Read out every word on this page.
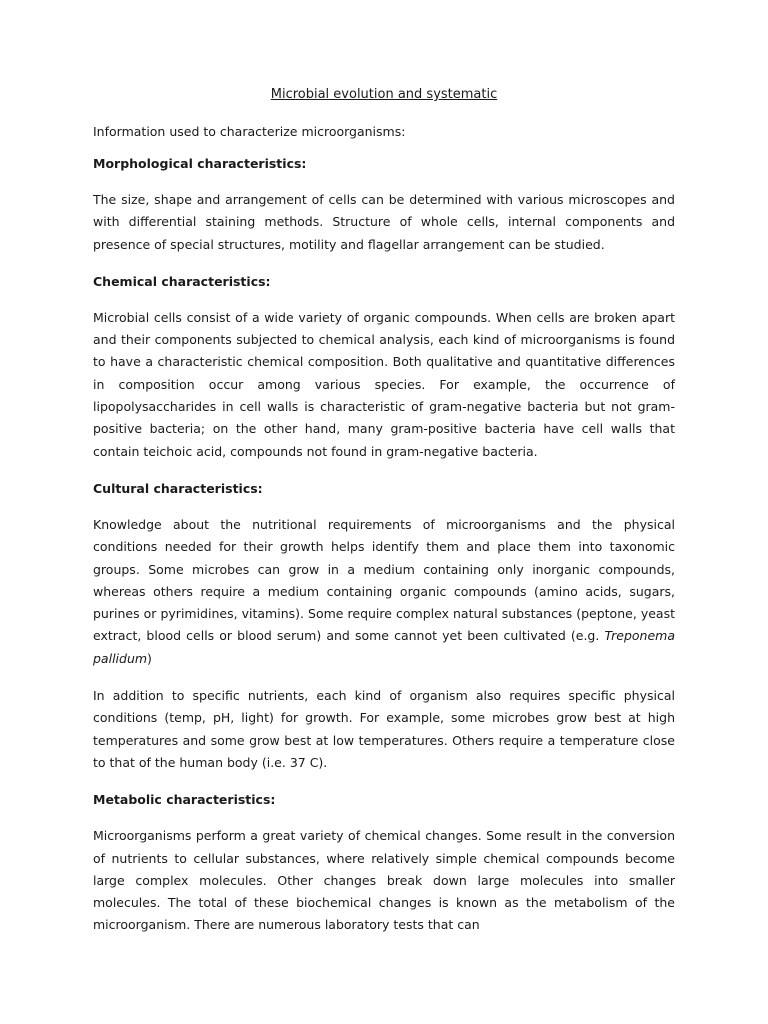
Microbial evolution and systematic

Information used to characterize microorganisms:

Morphological characteristics:

The size, shape and arrangement of cells can be determined with various microscopes and with differential staining methods. Structure of whole cells, internal components and presence of special structures, motility and flagellar arrangement can be studied.

Chemical characteristics:

Microbial cells consist of a wide variety of organic compounds. When cells are broken apart and their components subjected to chemical analysis, each kind of microorganisms is found to have a characteristic chemical composition. Both qualitative and quantitative differences in composition occur among various species. For example, the occurrence of lipopolysaccharides in cell walls is characteristic of gram-negative bacteria but not gram-positive bacteria; on the other hand, many gram-positive bacteria have cell walls that contain teichoic acid, compounds not found in gram-negative bacteria.

Cultural characteristics:

Knowledge about the nutritional requirements of microorganisms and the physical conditions needed for their growth helps identify them and place them into taxonomic groups. Some microbes can grow in a medium containing only inorganic compounds, whereas others require a medium containing organic compounds (amino acids, sugars, purines or pyrimidines, vitamins). Some require complex natural substances (peptone, yeast extract, blood cells or blood serum) and some cannot yet been cultivated (e.g. Treponema pallidum)

In addition to specific nutrients, each kind of organism also requires specific physical conditions (temp, pH, light) for growth. For example, some microbes grow best at high temperatures and some grow best at low temperatures. Others require a temperature close to that of the human body (i.e. 37 C).

Metabolic characteristics:

Microorganisms perform a great variety of chemical changes. Some result in the conversion of nutrients to cellular substances, where relatively simple chemical compounds become large complex molecules. Other changes break down large molecules into smaller molecules. The total of these biochemical changes is known as the metabolism of the microorganism. There are numerous laboratory tests that can
